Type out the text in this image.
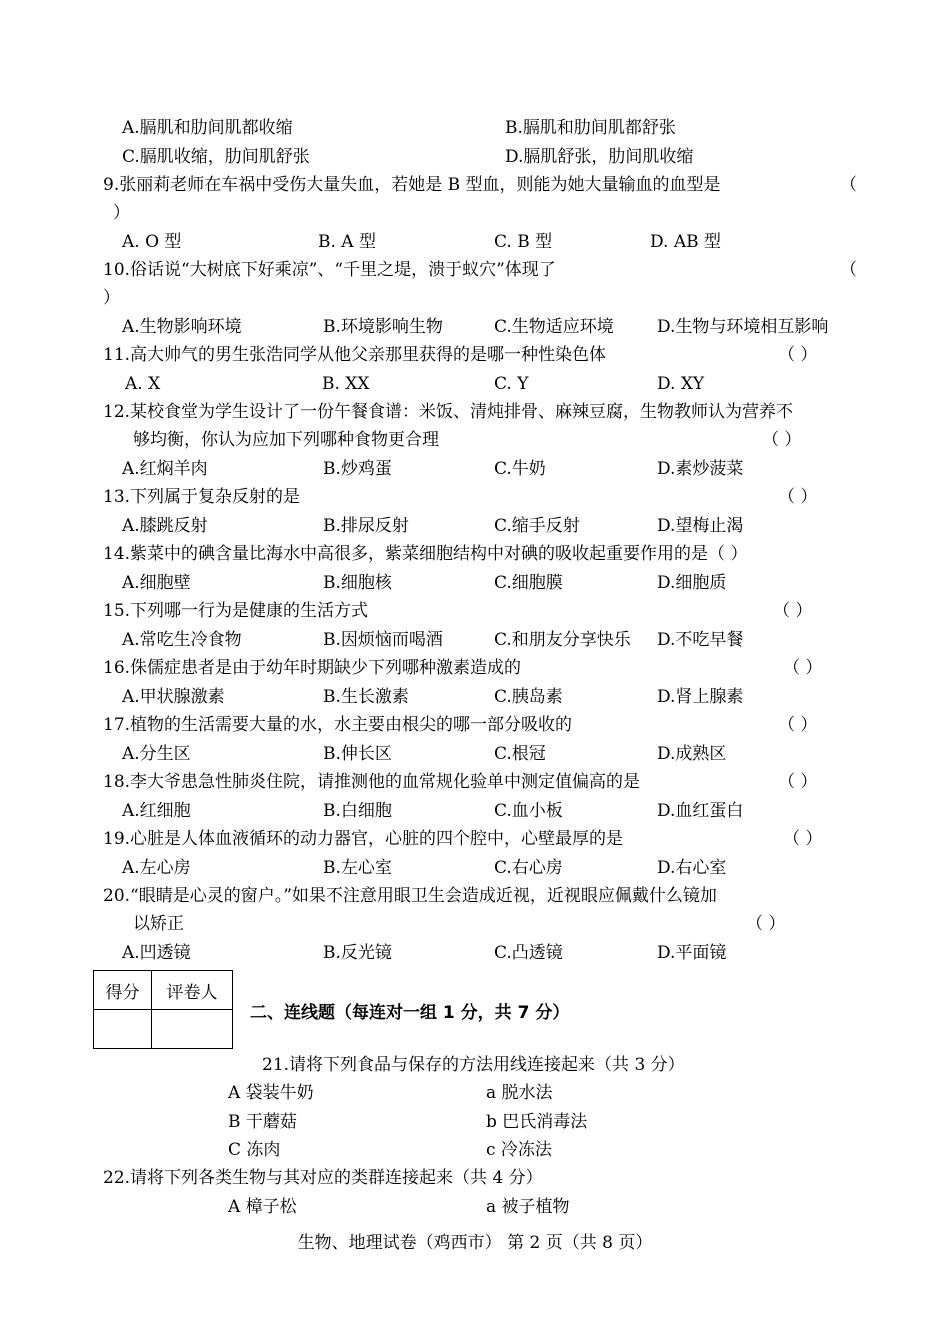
A.膈肌和肋间肌都收缩	B.膈肌和肋间肌都舒张
C.膈肌收缩，肋间肌舒张	D.膈肌舒张，肋间肌收缩
9.张丽莉老师在车祸中受伤大量失血，若她是 B 型血，则能为她大量输血的血型是	（
）
A. O 型	B. A 型	C. B 型	D. AB 型
10.俗话说“大树底下好乘凉”、“千里之堤，溃于蚁穴”体现了	（
）
A.生物影响环境	B.环境影响生物	C.生物适应环境	D.生物与环境相互影响
11.高大帅气的男生张浩同学从他父亲那里获得的是哪一种性染色体	（ ）
A. X	B. XX	C. Y	D. XY
12.某校食堂为学生设计了一份午餐食谱：米饭、清炖排骨、麻辣豆腐，生物教师认为营养不
够均衡，你认为应加下列哪种食物更合理	（ ）
A.红焖羊肉	B.炒鸡蛋	C.牛奶	D.素炒菠菜
13.下列属于复杂反射的是	（ ）
A.膝跳反射	B.排尿反射	C.缩手反射	D.望梅止渴
14.紫菜中的碘含量比海水中高很多，紫菜细胞结构中对碘的吸收起重要作用的是（ ）
A.细胞壁	B.细胞核	C.细胞膜	D.细胞质
15.下列哪一行为是健康的生活方式	（ ）
A.常吃生冷食物	B.因烦恼而喝酒	C.和朋友分享快乐 D.不吃早餐
16.侏儒症患者是由于幼年时期缺少下列哪种激素造成的	（ ）
A.甲状腺激素	B.生长激素	C.胰岛素	D.肾上腺素
17.植物的生活需要大量的水，水主要由根尖的哪一部分吸收的	（ ）
A.分生区	B.伸长区	C.根冠	D.成熟区
18.李大爷患急性肺炎住院，请推测他的血常规化验单中测定值偏高的是	（ ）
A.红细胞	B.白细胞	C.血小板	D.血红蛋白
19.心脏是人体血液循环的动力器官，心脏的四个腔中，心壁最厚的是	（ ）
A.左心房	B.左心室	C.右心房	D.右心室
20.“眼睛是心灵的窗户。”如果不注意用眼卫生会造成近视，近视眼应佩戴什么镜加
以矫正	（ ）
A.凹透镜	B.反光镜	C.凸透镜	D.平面镜
得分	评卷人

二、连线题（每连对一组 1 分，共 7 分）
21.请将下列食品与保存的方法用线连接起来（共 3 分）
A 袋装牛奶	a 脱水法
B 干蘑菇	b 巴氏消毒法
C 冻肉	c 冷冻法
22.请将下列各类生物与其对应的类群连接起来（共 4 分）
A 樟子松	a 被子植物
生物、地理试卷（鸡西市） 第 2 页（共 8 页）
